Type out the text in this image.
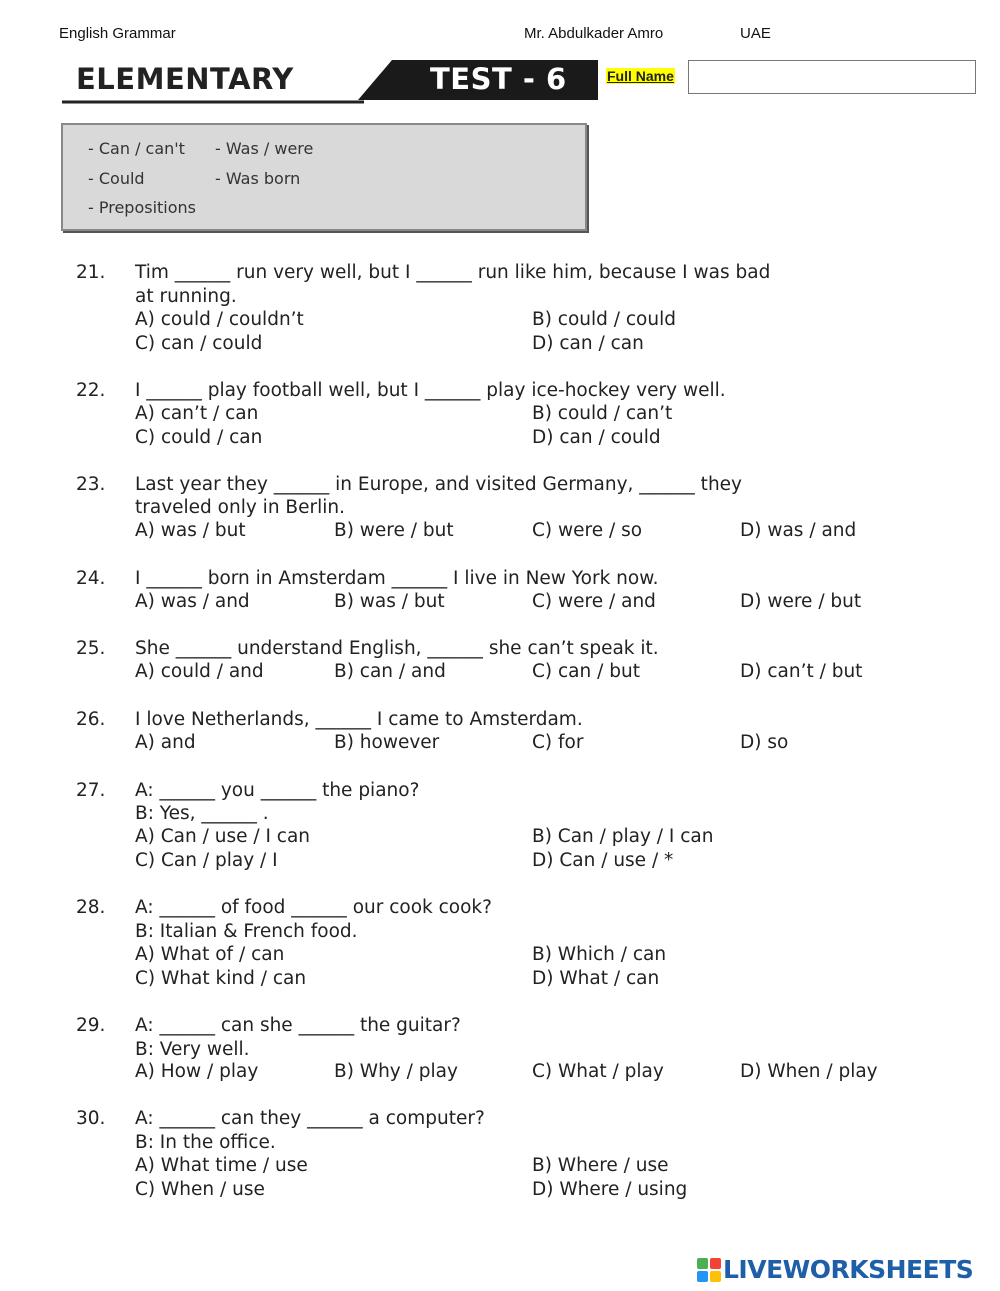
English Grammar	Mr. Abdulkader Amro	UAE
ELEMENTARY	TEST - 6	Full Name
- Can / can't - Was / were
- Could	- Was born
- Prepositions
21. Tim ______ run very well, but I ______ run like him, because I was bad
at running.
A) could / couldn’t	B) could / could
C) can / could	D) can / can
22. I ______ play football well, but I ______ play ice-hockey very well.
A) can’t / can	B) could / can’t
C) could / can	D) can / could
23. Last year they ______ in Europe, and visited Germany, ______ they
traveled only in Berlin.
A) was / but	B) were / but	C) were / so	D) was / and
24. I ______ born in Amsterdam ______ I live in New York now.
A) was / and	B) was / but	C) were / and	D) were / but
25. She ______ understand English, ______ she can’t speak it.
A) could / and	B) can / and	C) can / but	D) can’t / but
26. I love Netherlands, ______ I came to Amsterdam.
A) and	B) however	C) for	D) so
27. A: ______ you ______ the piano?
B: Yes, ______ .
A) Can / use / I can	B) Can / play / I can
C) Can / play / I	D) Can / use / *
28. A: ______ of food ______ our cook cook?
B: Italian & French food.
A) What of / can	B) Which / can
C) What kind / can	D) What / can
29. A: ______ can she ______ the guitar?
B: Very well.
A) How / play	B) Why / play	C) What / play	D) When / play
30. A: ______ can they ______ a computer?
B: In the office.
A) What time / use	B) Where / use
C) When / use	D) Where / using
LIVEWORKSHEETS
